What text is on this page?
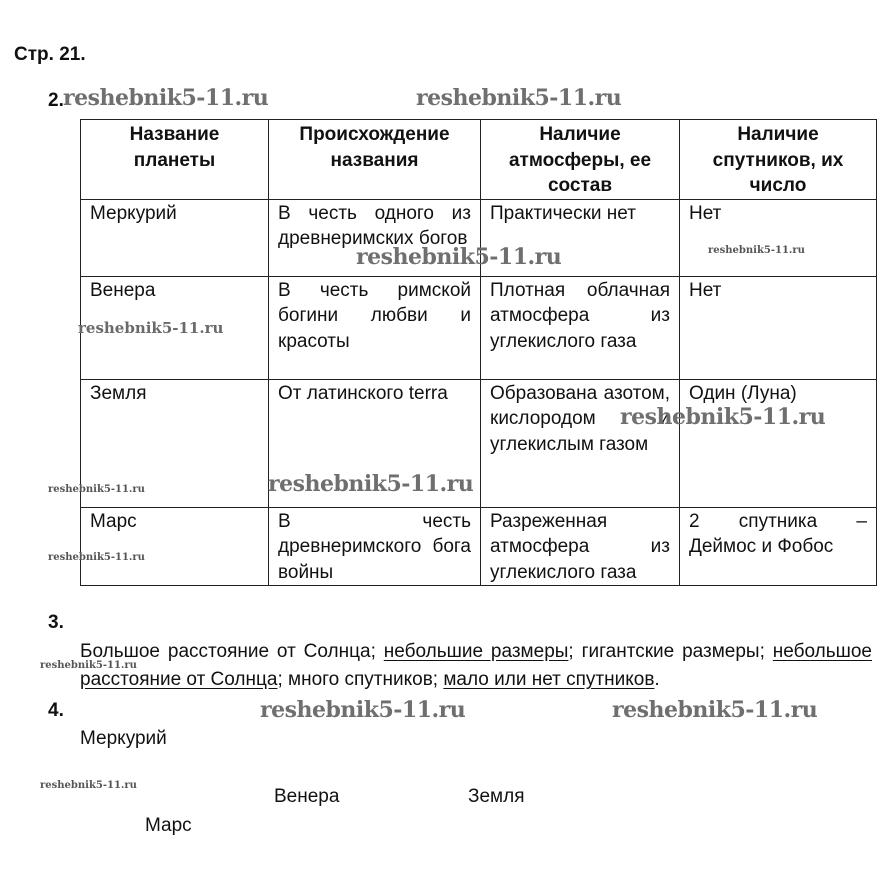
Стр. 21.
2.
Название планеты	Происхождение названия	Наличие атмосферы, ее состав	Наличие спутников, их число
Меркурий	В честь одного из древнеримских богов	Практически нет	Нет
Венера	В честь римской богини любви и красоты	Плотная облачная атмосфера из углекислого газа	Нет
Земля	От латинского terra	Образована азотом, кислородом и углекислым газом	Один (Луна)
Марс	В честь древнеримского бога войны	Разреженная атмосфера из углекислого газа	2 спутника – Деймос и Фобос
3.
Большое расстояние от Солнца; небольшие размеры; гигантские размеры; небольшое расстояние от Солнца; много спутников; мало или нет спутников.
4.
Меркурий
Венера	Земля
Марс
reshebnik5-11.ru	reshebnik5-11.ru
reshebnik5-11.ru	reshebnik5-11.ru
reshebnik5-11.ru
reshebnik5-11.ru
reshebnik5-11.ru
reshebnik5-11.ru
reshebnik5-11.ru
reshebnik5-11.ru
reshebnik5-11.ru	reshebnik5-11.ru
reshebnik5-11.ru
